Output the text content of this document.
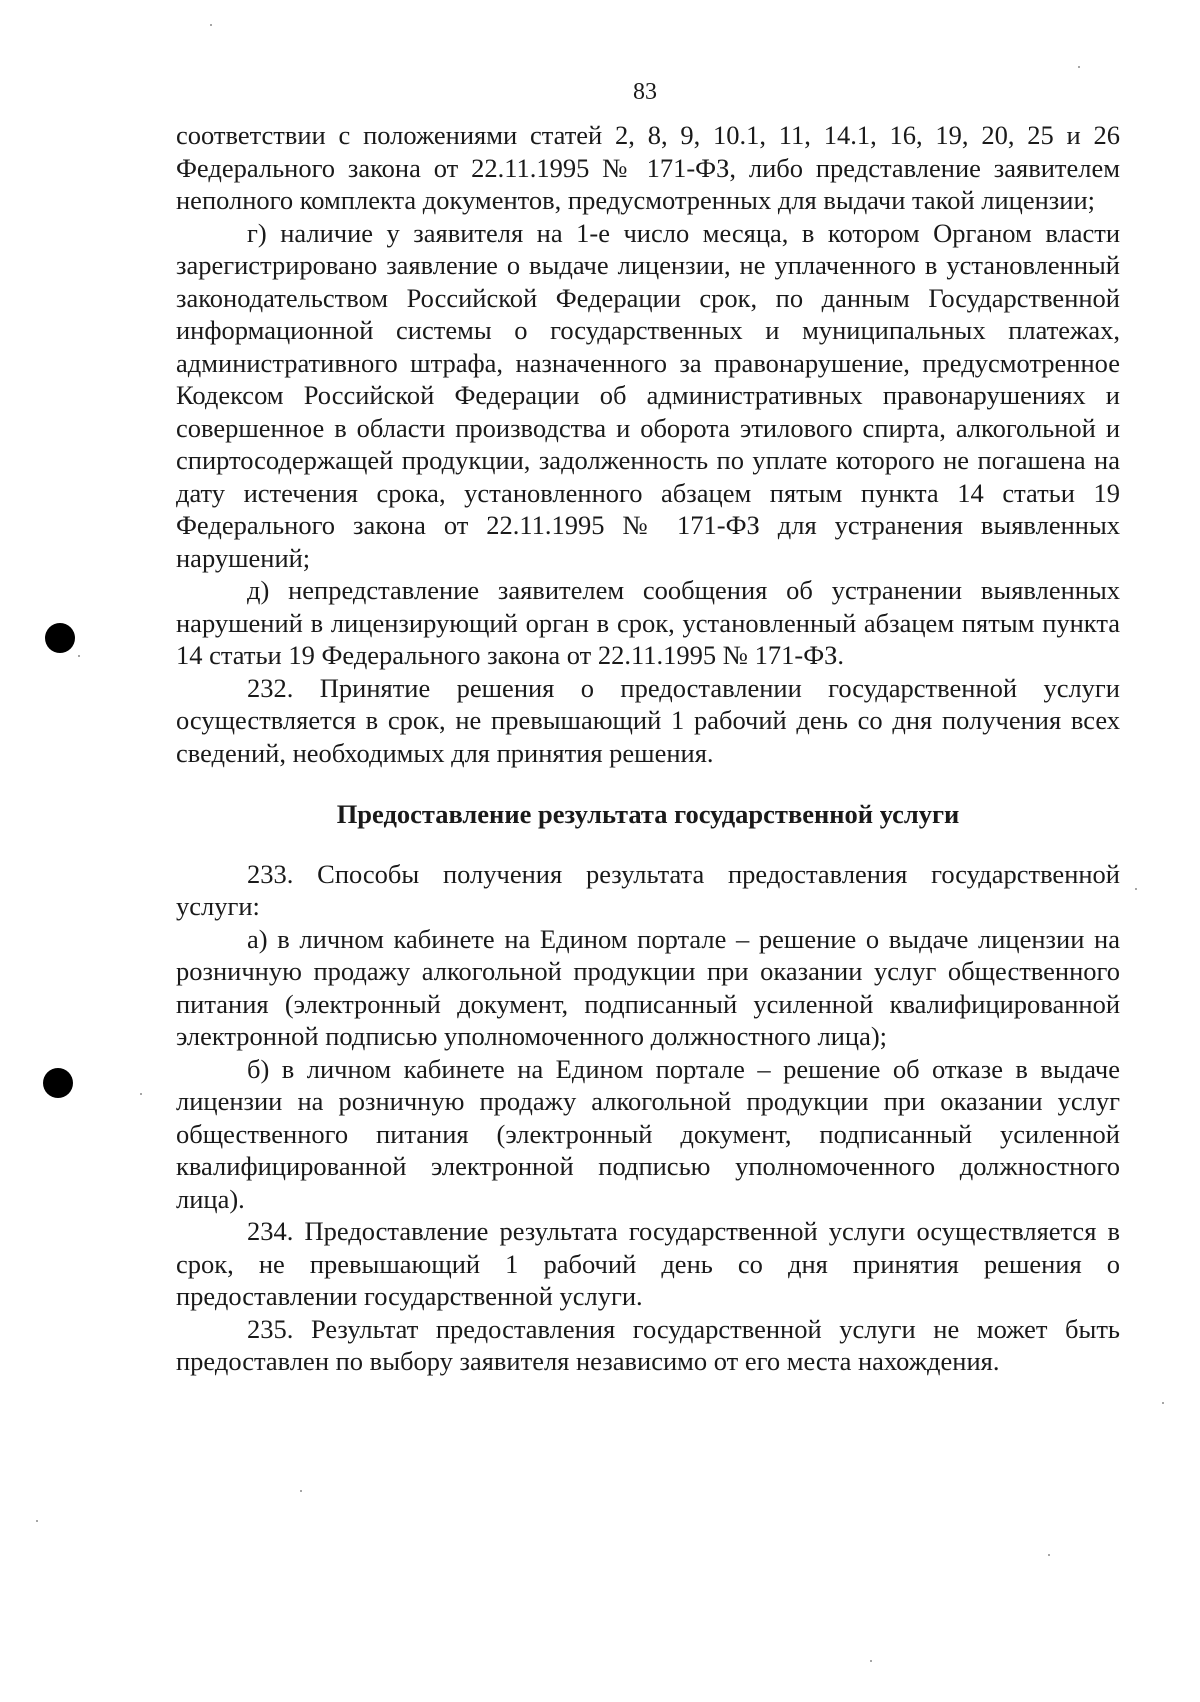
83

соответствии с положениями статей 2, 8, 9, 10.1, 11, 14.1, 16, 19, 20, 25 и 26 Федерального закона от 22.11.1995 № 171-ФЗ, либо представление заявителем неполного комплекта документов, предусмотренных для выдачи такой лицензии;

г) наличие у заявителя на 1-е число месяца, в котором Органом власти зарегистрировано заявление о выдаче лицензии, не уплаченного в установленный законодательством Российской Федерации срок, по данным Государственной информационной системы о государственных и муниципальных платежах, административного штрафа, назначенного за правонарушение, предусмотренное Кодексом Российской Федерации об административных правонарушениях и совершенное в области производства и оборота этилового спирта, алкогольной и спиртосодержащей продукции, задолженность по уплате которого не погашена на дату истечения срока, установленного абзацем пятым пункта 14 статьи 19 Федерального закона от 22.11.1995 № 171-ФЗ для устранения выявленных нарушений;

д) непредставление заявителем сообщения об устранении выявленных нарушений в лицензирующий орган в срок, установленный абзацем пятым пункта 14 статьи 19 Федерального закона от 22.11.1995 № 171-ФЗ.

232. Принятие решения о предоставлении государственной услуги осуществляется в срок, не превышающий 1 рабочий день со дня получения всех сведений, необходимых для принятия решения.

Предоставление результата государственной услуги

233. Способы получения результата предоставления государственной услуги:

а) в личном кабинете на Едином портале – решение о выдаче лицензии на розничную продажу алкогольной продукции при оказании услуг общественного питания (электронный документ, подписанный усиленной квалифицированной электронной подписью уполномоченного должностного лица);

б) в личном кабинете на Едином портале – решение об отказе в выдаче лицензии на розничную продажу алкогольной продукции при оказании услуг общественного питания (электронный документ, подписанный усиленной квалифицированной электронной подписью уполномоченного должностного лица).

234. Предоставление результата государственной услуги осуществляется в срок, не превышающий 1 рабочий день со дня принятия решения о предоставлении государственной услуги.

235. Результат предоставления государственной услуги не может быть предоставлен по выбору заявителя независимо от его места нахождения.
